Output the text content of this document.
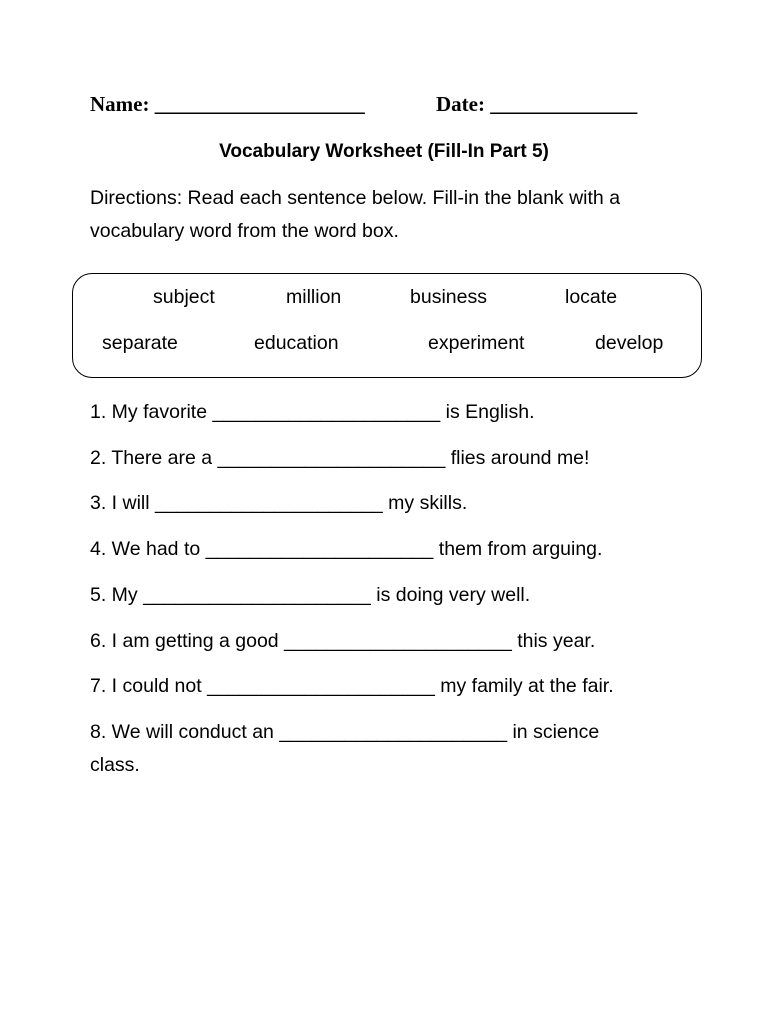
Name: ____________________	Date: ______________
Vocabulary Worksheet (Fill-In Part 5)
Directions: Read each sentence below. Fill-in the blank with a vocabulary word from the word box.
subject	million	business	locate
separate	education	experiment	develop
1. My favorite _____________________ is English.
2. There are a _____________________ flies around me!
3. I will _____________________ my skills.
4. We had to _____________________ them from arguing.
5. My _____________________ is doing very well.
6. I am getting a good _____________________ this year.
7. I could not _____________________ my family at the fair.
8. We will conduct an _____________________ in science class.
